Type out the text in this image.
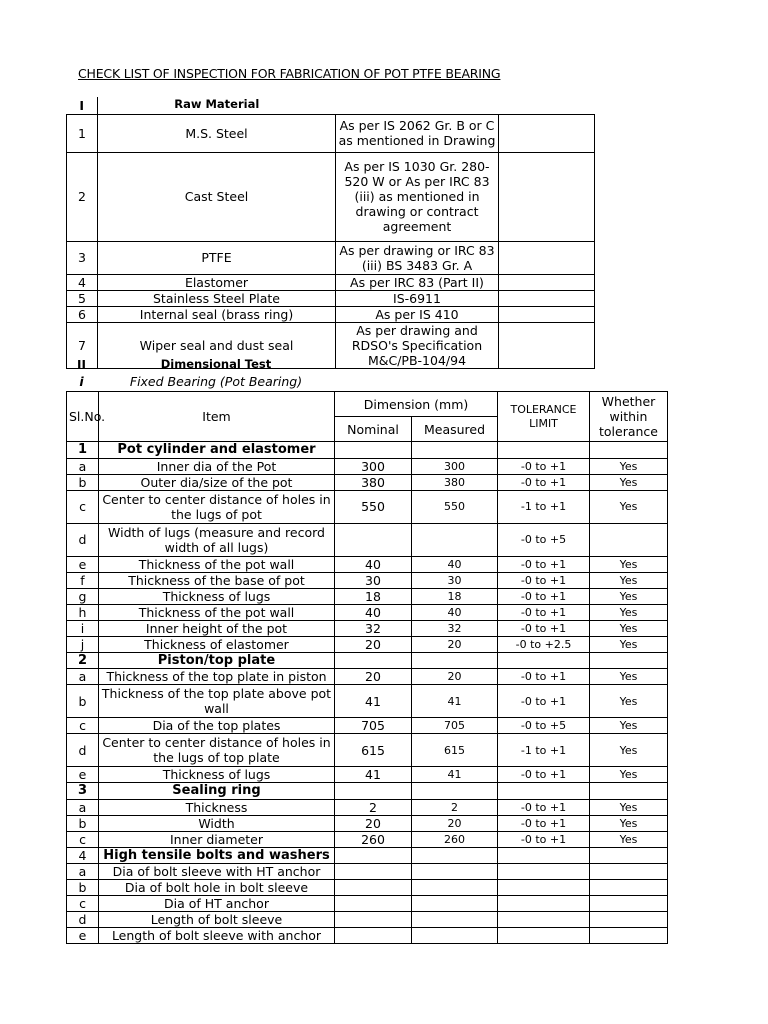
CHECK LIST OF INSPECTION FOR FABRICATION OF POT PTFE BEARING
I	Raw Material		
1	M.S. Steel	As per IS 2062 Gr. B or C as mentioned in Drawing	
2	Cast Steel	As per IS 1030 Gr. 280-520 W or As per IRC 83 (iii) as mentioned in drawing or contract agreement	
3	PTFE	As per drawing or IRC 83 (iii) BS 3483 Gr. A	
4	Elastomer	As per IRC 83 (Part II)	
5	Stainless Steel Plate	IS-6911	
6	Internal seal (brass ring)	As per IS 410	
7	Wiper seal and dust seal	As per drawing and RDSO's Specification M&C/PB-104/94	
II	Dimensional Test	
i	Fixed Bearing (Pot Bearing)	
Sl.No.	Item	Dimension (mm)		TOLERANCE LIMIT	Whether within tolerance
		Nominal	Measured		
1	Pot cylinder and elastomer				
a	Inner dia of the Pot	300	300	-0 to +1	Yes
b	Outer dia/size of the pot	380	380	-0 to +1	Yes
c	Center to center distance of holes in the lugs of pot	550	550	-1 to +1	Yes
d	Width of lugs (measure and record width of all lugs)			-0 to +5	
e	Thickness of the pot wall	40	40	-0 to +1	Yes
f	Thickness of the base of pot	30	30	-0 to +1	Yes
g	Thickness of lugs	18	18	-0 to +1	Yes
h	Thickness of the pot wall	40	40	-0 to +1	Yes
i	Inner height of the pot	32	32	-0 to +1	Yes
j	Thickness of elastomer	20	20	-0 to +2.5	Yes
2	Piston/top plate				
a	Thickness of the top plate in piston	20	20	-0 to +1	Yes
b	Thickness of the top plate above pot wall	41	41	-0 to +1	Yes
c	Dia of the top plates	705	705	-0 to +5	Yes
d	Center to center distance of holes in the lugs of top plate	615	615	-1 to +1	Yes
e	Thickness of lugs	41	41	-0 to +1	Yes
3	Sealing ring				
a	Thickness	2	2	-0 to +1	Yes
b	Width	20	20	-0 to +1	Yes
c	Inner diameter	260	260	-0 to +1	Yes
4	High tensile bolts and washers				
a	Dia of bolt sleeve with HT anchor				
b	Dia of bolt hole in bolt sleeve				
c	Dia of HT anchor				
d	Length of bolt sleeve				
e	Length of bolt sleeve with anchor				
